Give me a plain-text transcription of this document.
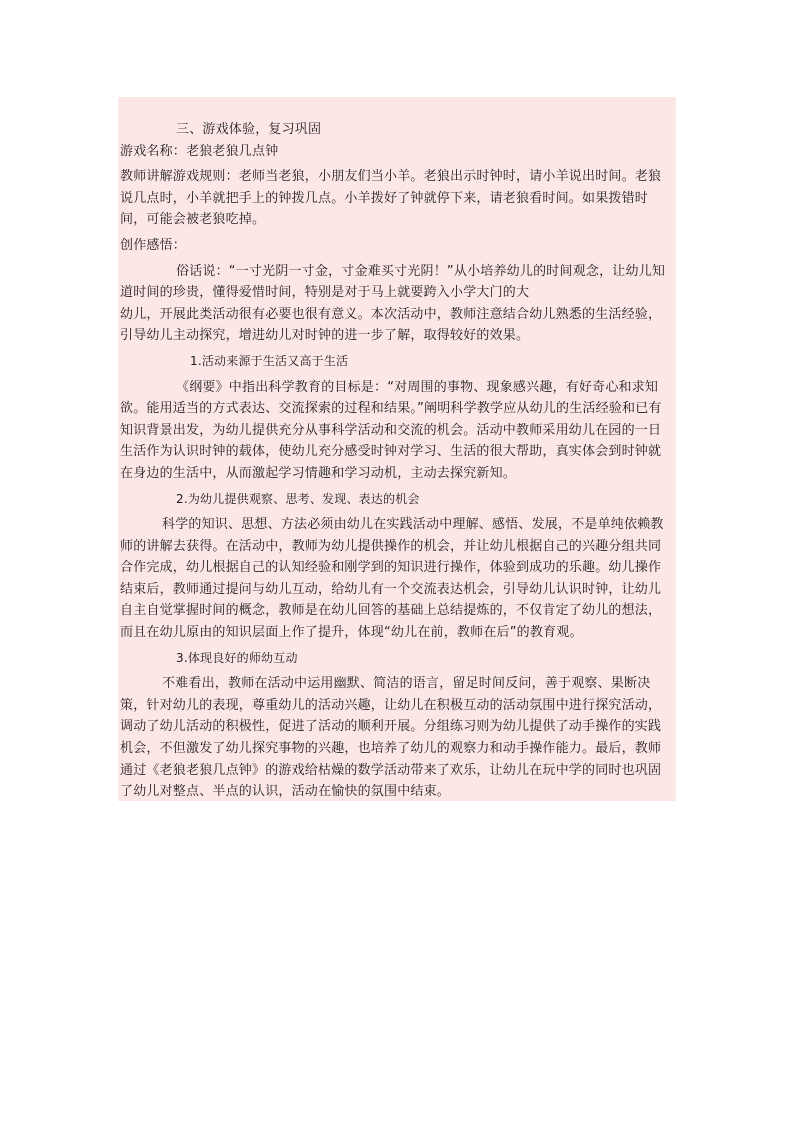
三、游戏体验，复习巩固

游戏名称：老狼老狼几点钟

教师讲解游戏规则：老师当老狼，小朋友们当小羊。老狼出示时钟时，请小羊说出时间。老狼说几点时，小羊就把手上的钟拨几点。小羊拨好了钟就停下来，请老狼看时间。如果拨错时间，可能会被老狼吃掉。

创作感悟：

俗话说：“一寸光阴一寸金，寸金难买寸光阴！”从小培养幼儿的时间观念，让幼儿知道时间的珍贵，懂得爱惜时间，特别是对于马上就要跨入小学大门的大

幼儿，开展此类活动很有必要也很有意义。本次活动中，教师注意结合幼儿熟悉的生活经验，引导幼儿主动探究，增进幼儿对时钟的进一步了解，取得较好的效果。

1.活动来源于生活又高于生活

《纲要》中指出科学教育的目标是：“对周围的事物、现象感兴趣，有好奇心和求知欲。能用适当的方式表达、交流探索的过程和结果。”阐明科学教学应从幼儿的生活经验和已有知识背景出发，为幼儿提供充分从事科学活动和交流的机会。活动中教师采用幼儿在园的一日生活作为认识时钟的载体，使幼儿充分感受时钟对学习、生活的很大帮助，真实体会到时钟就在身边的生活中，从而激起学习情趣和学习动机，主动去探究新知。

2.为幼儿提供观察、思考、发现、表达的机会

科学的知识、思想、方法必须由幼儿在实践活动中理解、感悟、发展，不是单纯依赖教师的讲解去获得。在活动中，教师为幼儿提供操作的机会，并让幼儿根据自己的兴趣分组共同合作完成，幼儿根据自己的认知经验和刚学到的知识进行操作，体验到成功的乐趣。幼儿操作结束后，教师通过提问与幼儿互动，给幼儿有一个交流表达机会，引导幼儿认识时钟，让幼儿自主自觉掌握时间的概念，教师是在幼儿回答的基础上总结提炼的，不仅肯定了幼儿的想法，而且在幼儿原由的知识层面上作了提升，体现“幼儿在前，教师在后”的教育观。

3.体现良好的师幼互动

不难看出，教师在活动中运用幽默、简洁的语言，留足时间反问，善于观察、果断决策，针对幼儿的表现，尊重幼儿的活动兴趣，让幼儿在积极互动的活动氛围中进行探究活动，调动了幼儿活动的积极性，促进了活动的顺利开展。分组练习则为幼儿提供了动手操作的实践机会，不但激发了幼儿探究事物的兴趣，也培养了幼儿的观察力和动手操作能力。最后，教师通过《老狼老狼几点钟》的游戏给枯燥的数学活动带来了欢乐，让幼儿在玩中学的同时也巩固了幼儿对整点、半点的认识，活动在愉快的氛围中结束。
